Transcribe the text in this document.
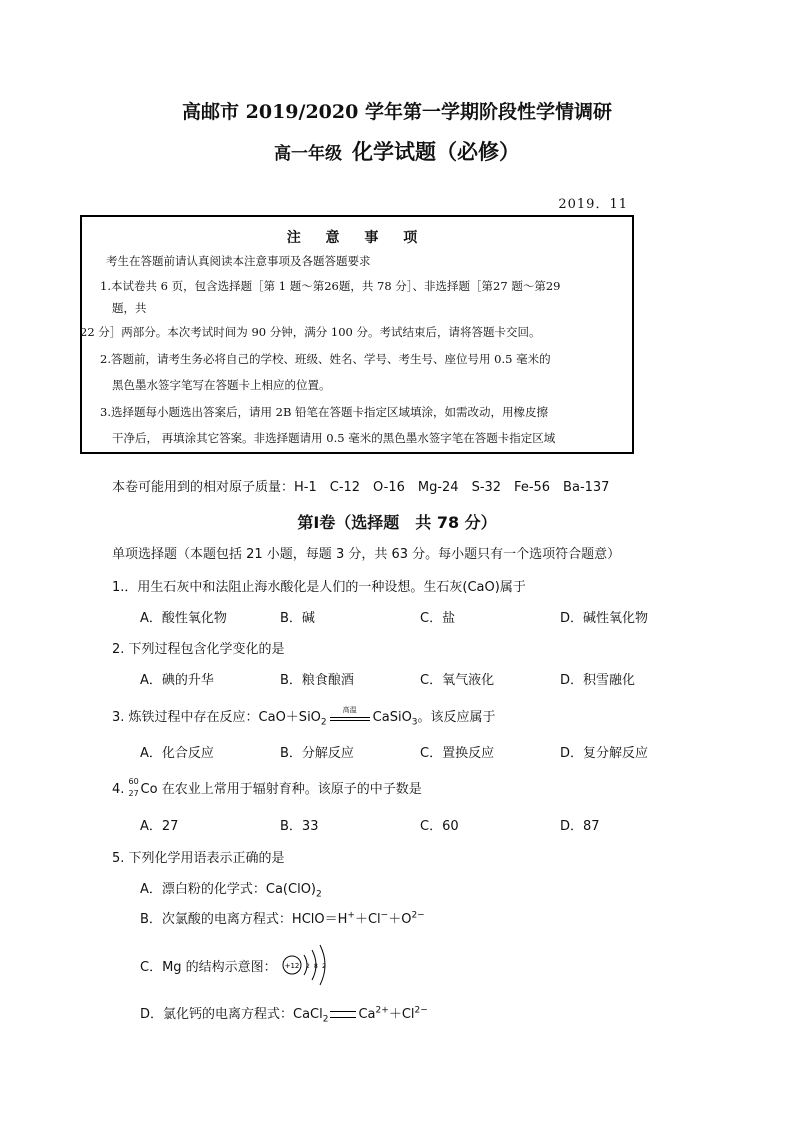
高邮市 2019/2020 学年第一学期阶段性学情调研
高一年级 化学试题（必修）
2019．11
注 意 事 项
考生在答题前请认真阅读本注意事项及各题答题要求
1.本试卷共 6 页，包含选择题［第 1 题～第26题，共 78 分］、非选择题［第27 题～第29
题，共
22 分］两部分。本次考试时间为 90 分钟，满分 100 分。考试结束后，请将答题卡交回。
2.答题前，请考生务必将自己的学校、班级、姓名、学号、考生号、座位号用 0.5 毫米的
黑色墨水签字笔写在答题卡上相应的位置。
3.选择题每小题选出答案后，请用 2B 铅笔在答题卡指定区域填涂，如需改动，用橡皮擦
干净后， 再填涂其它答案。非选择题请用 0.5 毫米的黑色墨水签字笔在答题卡指定区域
本卷可能用到的相对原子质量：H-1　C-12　O-16　Mg-24　S-32　Fe-56　Ba-137
第Ⅰ卷（选择题　共 78 分）
单项选择题（本题包括 21 小题，每题 3 分，共 63 分。每小题只有一个选项符合题意）
1.．用生石灰中和法阻止海水酸化是人们的一种设想。生石灰(CaO)属于
A．酸性氧化物	B．碱	C．盐	D．碱性氧化物
2. 下列过程包含化学变化的是
A．碘的升华	B．粮食酿酒	C．氧气液化	D．积雪融化
3. 炼铁过程中存在反应：CaO＋SiO$_2$
高温
CaSiO$_3$。该反应属于
A．化合反应	B．分解反应	C．置换反应	D．复分解反应
4.
60
27 Co 在农业上常用于辐射育种。该原子的中子数是
A．27	B．33	C．60	D．87
5. 下列化学用语表示正确的是
A．漂白粉的化学式：$Ca(ClO)_2$
B．次氯酸的电离方程式：$HClO=H^++Cl^-+O^{2-}$
C．Mg 的结构示意图： +12 2 8 2
D．氯化钙的电离方程式：CaCl$_2$ $Ca^{2+}+Cl^{2-}$
